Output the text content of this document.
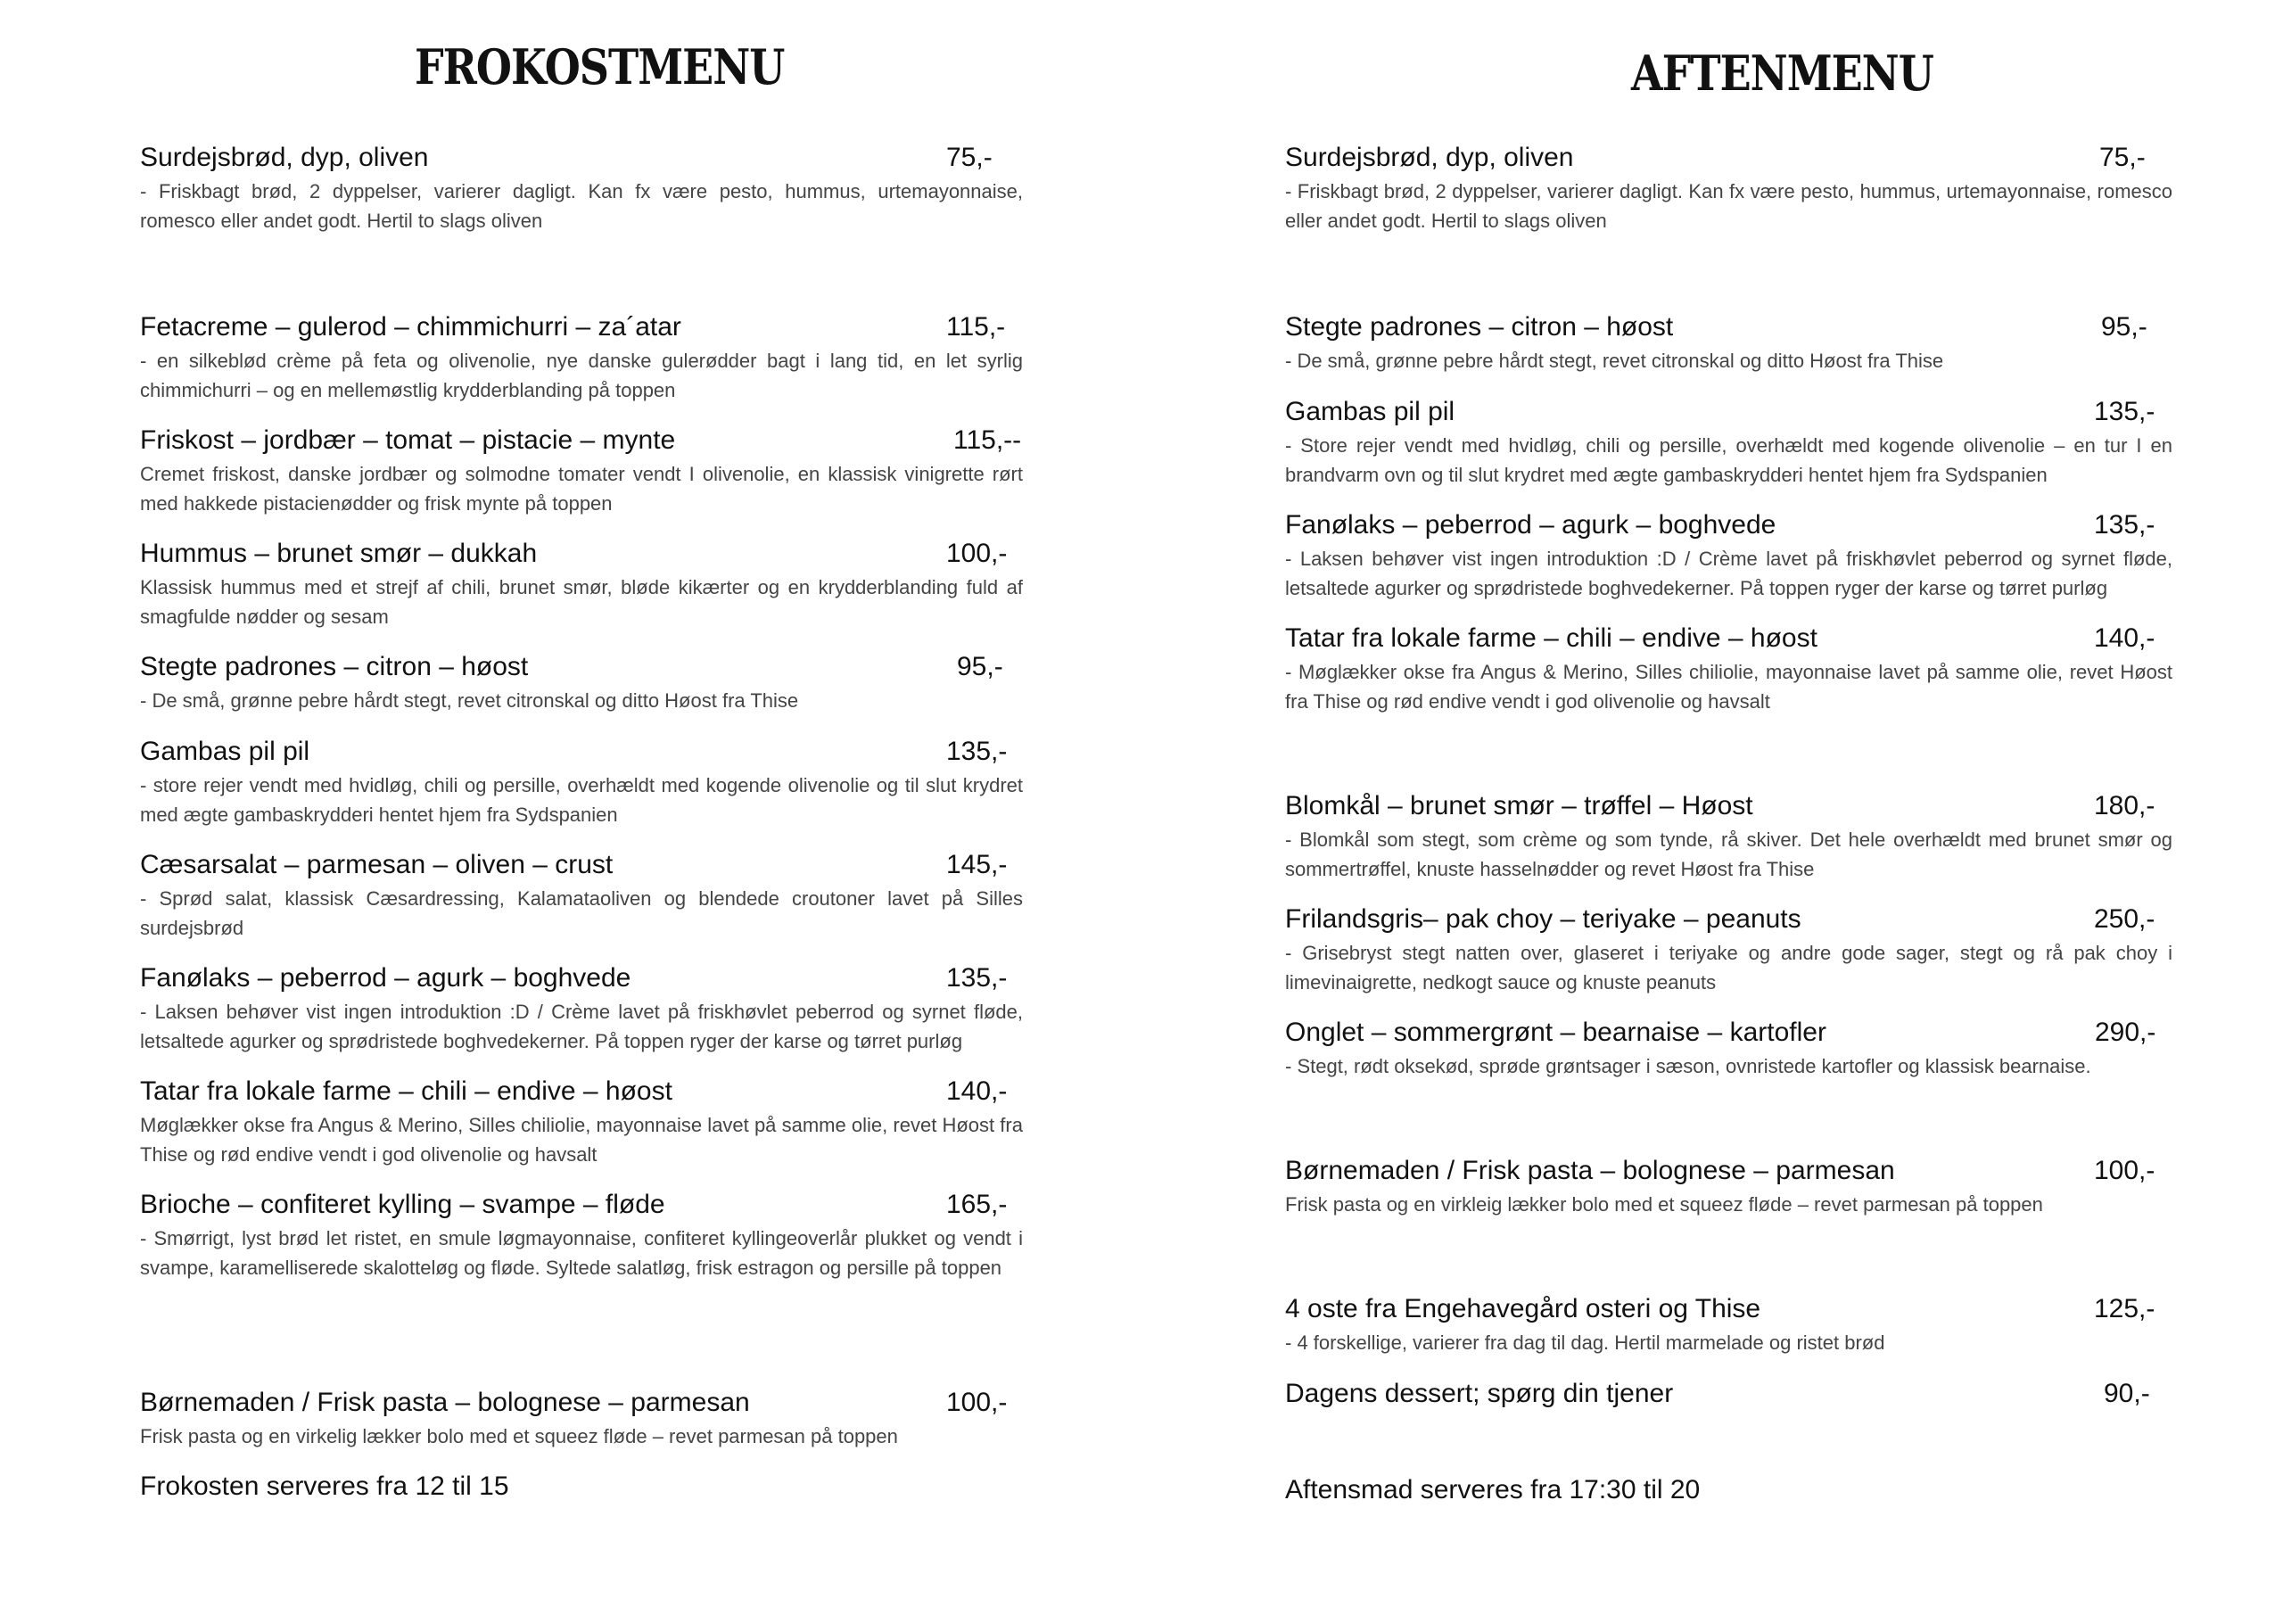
FROKOSTMENU
Surdejsbrød, dyp, oliven	75,-
- Friskbagt brød, 2 dyppelser, varierer dagligt. Kan fx være pesto, hummus, urtemayonnaise, romesco eller andet godt. Hertil to slags oliven
Fetacreme – gulerod – chimmichurri – za´atar	115,-
- en silkeblød crème på feta og olivenolie, nye danske gulerødder bagt i lang tid, en let syrlig chimmichurri – og en mellemøstlig krydderblanding på toppen
Friskost – jordbær – tomat – pistacie – mynte	115,--
Cremet friskost, danske jordbær og solmodne tomater vendt I olivenolie, en klassisk vinigrette rørt med hakkede pistacienødder og frisk mynte på toppen
Hummus – brunet smør – dukkah	100,-
Klassisk hummus med et strejf af chili, brunet smør, bløde kikærter og en krydderblanding fuld af smagfulde nødder og sesam
Stegte padrones – citron – høost	95,-
- De små, grønne pebre hårdt stegt, revet citronskal og ditto Høost fra Thise
Gambas pil pil	135,-
- store rejer vendt med hvidløg, chili og persille, overhældt med kogende olivenolie og til slut krydret med ægte gambaskrydderi hentet hjem fra Sydspanien
Cæsarsalat – parmesan – oliven – crust	145,-
- Sprød salat, klassisk Cæsardressing, Kalamataoliven og blendede croutoner lavet på Silles surdejsbrød
Fanølaks – peberrod – agurk – boghvede	135,-
- Laksen behøver vist ingen introduktion :D / Crème lavet på friskhøvlet peberrod og syrnet fløde, letsaltede agurker og sprødristede boghvedekerner. På toppen ryger der karse og tørret purløg
Tatar fra lokale farme – chili – endive – høost	140,-
Møglækker okse fra Angus & Merino, Silles chiliolie, mayonnaise lavet på samme olie, revet Høost fra Thise og rød endive vendt i god olivenolie og havsalt
Brioche – confiteret kylling – svampe – fløde	165,-
- Smørrigt, lyst brød let ristet, en smule løgmayonnaise, confiteret kyllingeoverlår plukket og vendt i svampe, karamelliserede skalotteløg og fløde. Syltede salatløg, frisk estragon og persille på toppen
Børnemaden / Frisk pasta – bolognese – parmesan	100,-
Frisk pasta og en virkelig lækker bolo med et squeez fløde – revet parmesan på toppen
Frokosten serveres fra 12 til 15
AFTENMENU
Surdejsbrød, dyp, oliven	75,-
- Friskbagt brød, 2 dyppelser, varierer dagligt. Kan fx være pesto, hummus, urtemayonnaise, romesco eller andet godt. Hertil to slags oliven
Stegte padrones – citron – høost	95,-
- De små, grønne pebre hårdt stegt, revet citronskal og ditto Høost fra Thise
Gambas pil pil	135,-
- Store rejer vendt med hvidløg, chili og persille, overhældt med kogende olivenolie – en tur I en brandvarm ovn og til slut krydret med ægte gambaskrydderi hentet hjem fra Sydspanien
Fanølaks – peberrod – agurk – boghvede	135,-
- Laksen behøver vist ingen introduktion :D / Crème lavet på friskhøvlet peberrod og syrnet fløde, letsaltede agurker og sprødristede boghvedekerner. På toppen ryger der karse og tørret purløg
Tatar fra lokale farme – chili – endive – høost	140,-
- Møglækker okse fra Angus & Merino, Silles chiliolie, mayonnaise lavet på samme olie, revet Høost fra Thise og rød endive vendt i god olivenolie og havsalt
Blomkål – brunet smør – trøffel – Høost	180,-
- Blomkål som stegt, som crème og som tynde, rå skiver. Det hele overhældt med brunet smør og sommertrøffel, knuste hasselnødder og revet Høost fra Thise
Frilandsgris– pak choy – teriyake – peanuts	250,-
- Grisebryst stegt natten over, glaseret i teriyake og andre gode sager, stegt og rå pak choy i limevinaigrette, nedkogt sauce og knuste peanuts
Onglet – sommergrønt – bearnaise – kartofler	290,-
- Stegt, rødt oksekød, sprøde grøntsager i sæson, ovnristede kartofler og klassisk bearnaise.
Børnemaden / Frisk pasta – bolognese – parmesan	100,-
Frisk pasta og en virkleig lækker bolo med et squeez fløde – revet parmesan på toppen
4 oste fra Engehavegård osteri og Thise	125,-
- 4 forskellige, varierer fra dag til dag. Hertil marmelade og ristet brød
Dagens dessert; spørg din tjener	90,-
Aftensmad serveres fra 17:30 til 20
